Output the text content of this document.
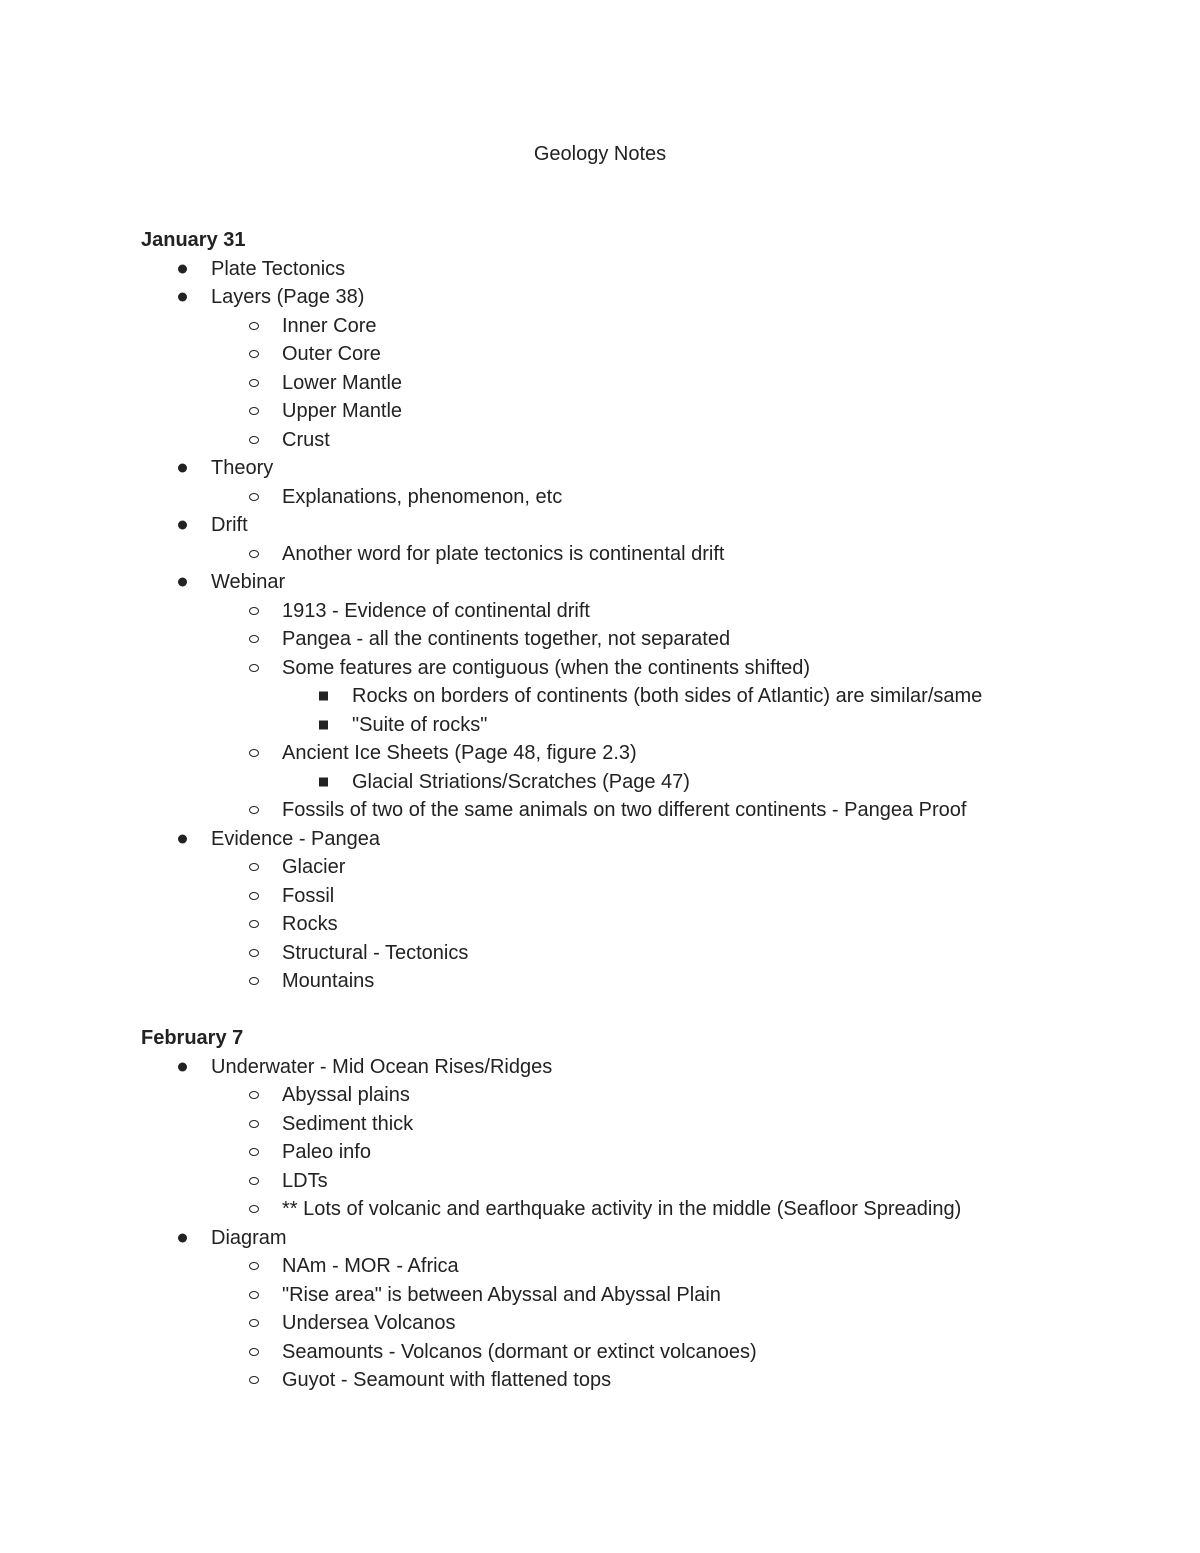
Geology Notes
January 31
Plate Tectonics
Layers (Page 38)
Inner Core
Outer Core
Lower Mantle
Upper Mantle
Crust
Theory
Explanations, phenomenon, etc
Drift
Another word for plate tectonics is continental drift
Webinar
1913 - Evidence of continental drift
Pangea - all the continents together, not separated
Some features are contiguous (when the continents shifted)
Rocks on borders of continents (both sides of Atlantic) are similar/same
"Suite of rocks"
Ancient Ice Sheets (Page 48, figure 2.3)
Glacial Striations/Scratches (Page 47)
Fossils of two of the same animals on two different continents - Pangea Proof
Evidence - Pangea
Glacier
Fossil
Rocks
Structural - Tectonics
Mountains
February 7
Underwater - Mid Ocean Rises/Ridges
Abyssal plains
Sediment thick
Paleo info
LDTs
** Lots of volcanic and earthquake activity in the middle (Seafloor Spreading)
Diagram
NAm - MOR - Africa
"Rise area" is between Abyssal and Abyssal Plain
Undersea Volcanos
Seamounts - Volcanos (dormant or extinct volcanoes)
Guyot - Seamount with flattened tops
